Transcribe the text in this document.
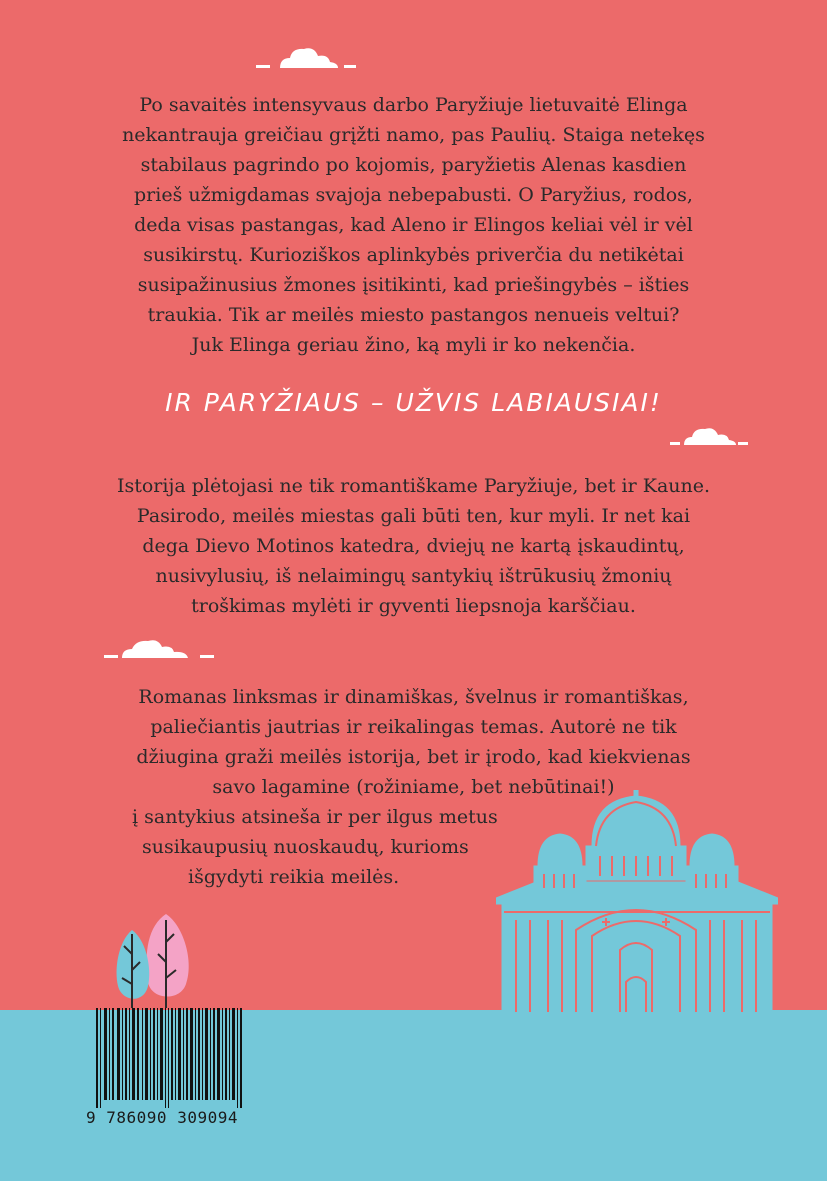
Po savaitės intensyvaus darbo Paryžiuje lietuvaitė Elinga
nekantrauja greičiau grįžti namo, pas Paulių. Staiga netekęs
stabilaus pagrindo po kojomis, paryžietis Alenas kasdien
prieš užmigdamas svajoja nebepabusti. O Paryžius, rodos,
deda visas pastangas, kad Aleno ir Elingos keliai vėl ir vėl
susikirstų. Kurioziškos aplinkybės priverčia du netikėtai
susipažinusius žmones įsitikinti, kad priešingybės – išties
traukia. Tik ar meilės miesto pastangos nenueis veltui?
Juk Elinga geriau žino, ką myli ir ko nekenčia.

IR PARYŽIAUS – UŽVIS LABIAUSIAI!

Istorija plėtojasi ne tik romantiškame Paryžiuje, bet ir Kaune.
Pasirodo, meilės miestas gali būti ten, kur myli. Ir net kai
dega Dievo Motinos katedra, dviejų ne kartą įskaudintų,
nusivylusių, iš nelaimingų santykių ištrūkusių žmonių
troškimas mylėti ir gyventi liepsnoja karščiau.

Romanas linksmas ir dinamiškas, švelnus ir romantiškas,
paliečiantis jautrias ir reikalingas temas. Autorė ne tik
džiugina graži meilės istorija, bet ir įrodo, kad kiekvienas
savo lagamine (rožiniame, bet nebūtinai!)
į santykius atsineša ir per ilgus metus
susikaupusių nuoskaudų, kurioms
išgydyti reikia meilės.

9 786090 309094
